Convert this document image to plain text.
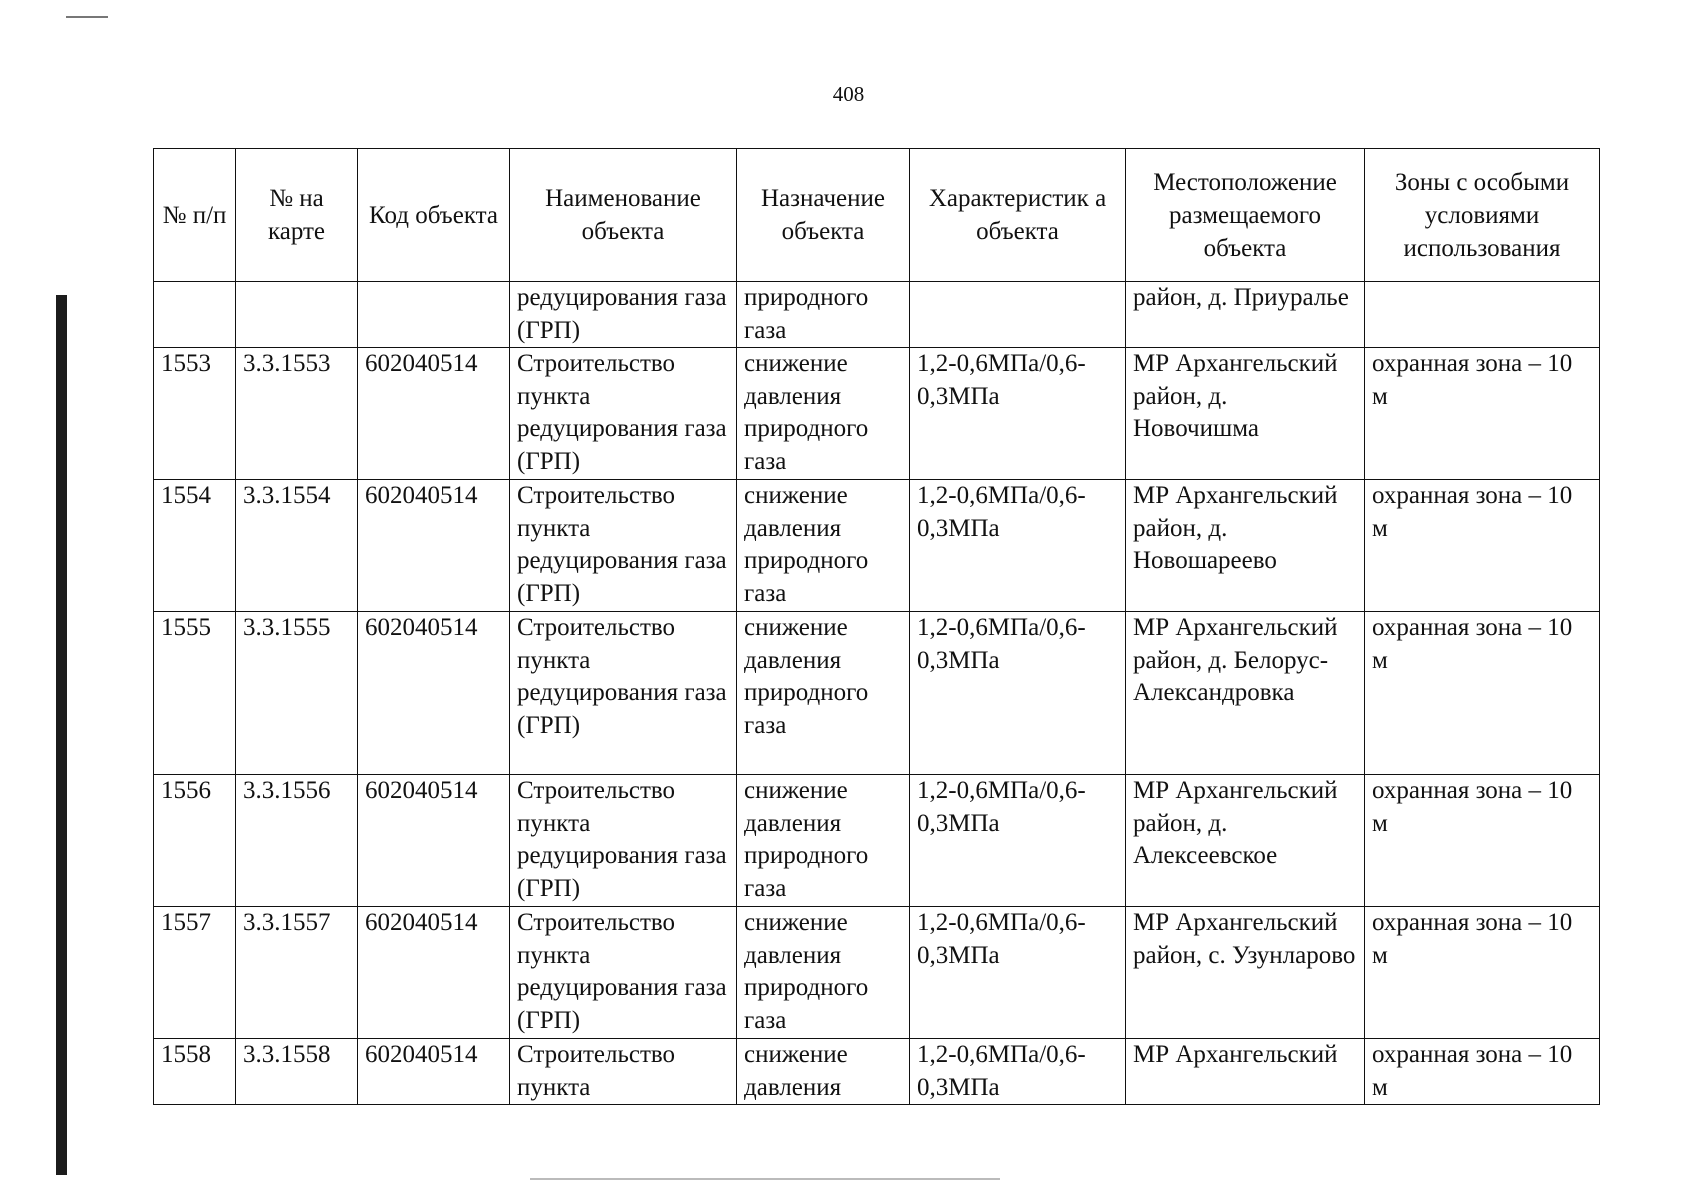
408
№ п/п	№ на карте	Код объекта	Наименование объекта	Назначение объекта	Характеристик а объекта	Местоположение размещаемого объекта	Зоны с особыми условиями использования
			редуцирования газа (ГРП)	природного газа		район, д. Приуралье	
1553	3.3.1553	602040514	Строительство пункта редуцирования газа (ГРП)	снижение давления природного газа	1,2-0,6МПа/0,6-0,3МПа	МР Архангельский район, д. Новочишма	охранная зона – 10 м
1554	3.3.1554	602040514	Строительство пункта редуцирования газа (ГРП)	снижение давления природного газа	1,2-0,6МПа/0,6-0,3МПа	МР Архангельский район, д. Новошареево	охранная зона – 10 м
1555	3.3.1555	602040514	Строительство пункта редуцирования газа (ГРП)	снижение давления природного газа	1,2-0,6МПа/0,6-0,3МПа	МР Архангельский район, д. Белорус-Александровка	охранная зона – 10 м
1556	3.3.1556	602040514	Строительство пункта редуцирования газа (ГРП)	снижение давления природного газа	1,2-0,6МПа/0,6-0,3МПа	МР Архангельский район, д. Алексеевское	охранная зона – 10 м
1557	3.3.1557	602040514	Строительство пункта редуцирования газа (ГРП)	снижение давления природного газа	1,2-0,6МПа/0,6-0,3МПа	МР Архангельский район, с. Узунларово	охранная зона – 10 м
1558	3.3.1558	602040514	Строительство пункта	снижение давления	1,2-0,6МПа/0,6-0,3МПа	МР Архангельский	охранная зона – 10 м
